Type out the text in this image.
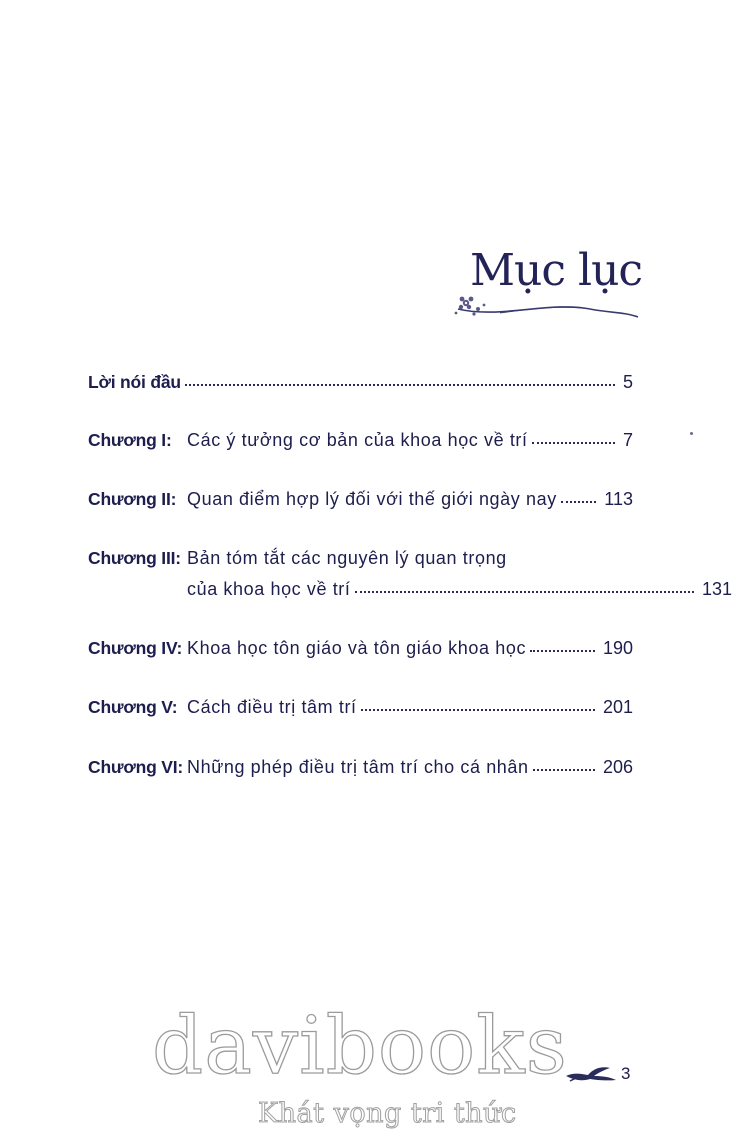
Mục lục
Lời nói đầu	5
Chương I: Các ý tưởng cơ bản của khoa học về trí	7
Chương II: Quan điểm hợp lý đối với thế giới ngày nay	113
Chương III: Bản tóm tắt các nguyên lý quan trọng
của khoa học về trí	131
Chương IV: Khoa học tôn giáo và tôn giáo khoa học	190
Chương V: Cách điều trị tâm trí	201
Chương VI: Những phép điều trị tâm trí cho cá nhân	206
davibooks
Khát vọng tri thức
3
